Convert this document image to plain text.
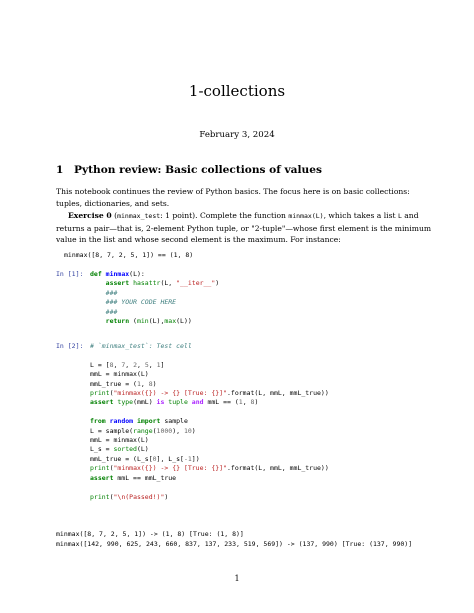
1-collections
February 3, 2024
1 Python review: Basic collections of values
This notebook continues the review of Python basics. The focus here is on basic collections: tuples, dictionaries, and sets.
Exercise 0 (minmax_test: 1 point). Complete the function minmax(L), which takes a list L and returns a pair—that is, 2-element Python tuple, or "2-tuple"—whose first element is the minimum value in the list and whose second element is the maximum. For instance:
minmax([8, 7, 2, 5, 1]) == (1, 8)
In [1]: def minmax(L):
assert hasattr(L, "__iter__")
###
### YOUR CODE HERE
###
return (min(L),max(L))
In [2]: # `minmax_test`: Test cell

L = [8, 7, 2, 5, 1]
mmL = minmax(L)
mmL_true = (1, 8)
print("minmax({}) -> {} [True: {}]".format(L, mmL, mmL_true))
assert type(mmL) is tuple and mmL == (1, 8)

from random import sample
L = sample(range(1000), 10)
mmL = minmax(L)
L_s = sorted(L)
mmL_true = (L_s[0], L_s[-1])
print("minmax({}) -> {} [True: {}]".format(L, mmL, mmL_true))
assert mmL == mmL_true

print("\n(Passed!)")
minmax([8, 7, 2, 5, 1]) -> (1, 8) [True: (1, 8)]
minmax([142, 990, 625, 243, 660, 837, 137, 233, 519, 569]) -> (137, 990) [True: (137, 990)]
1
